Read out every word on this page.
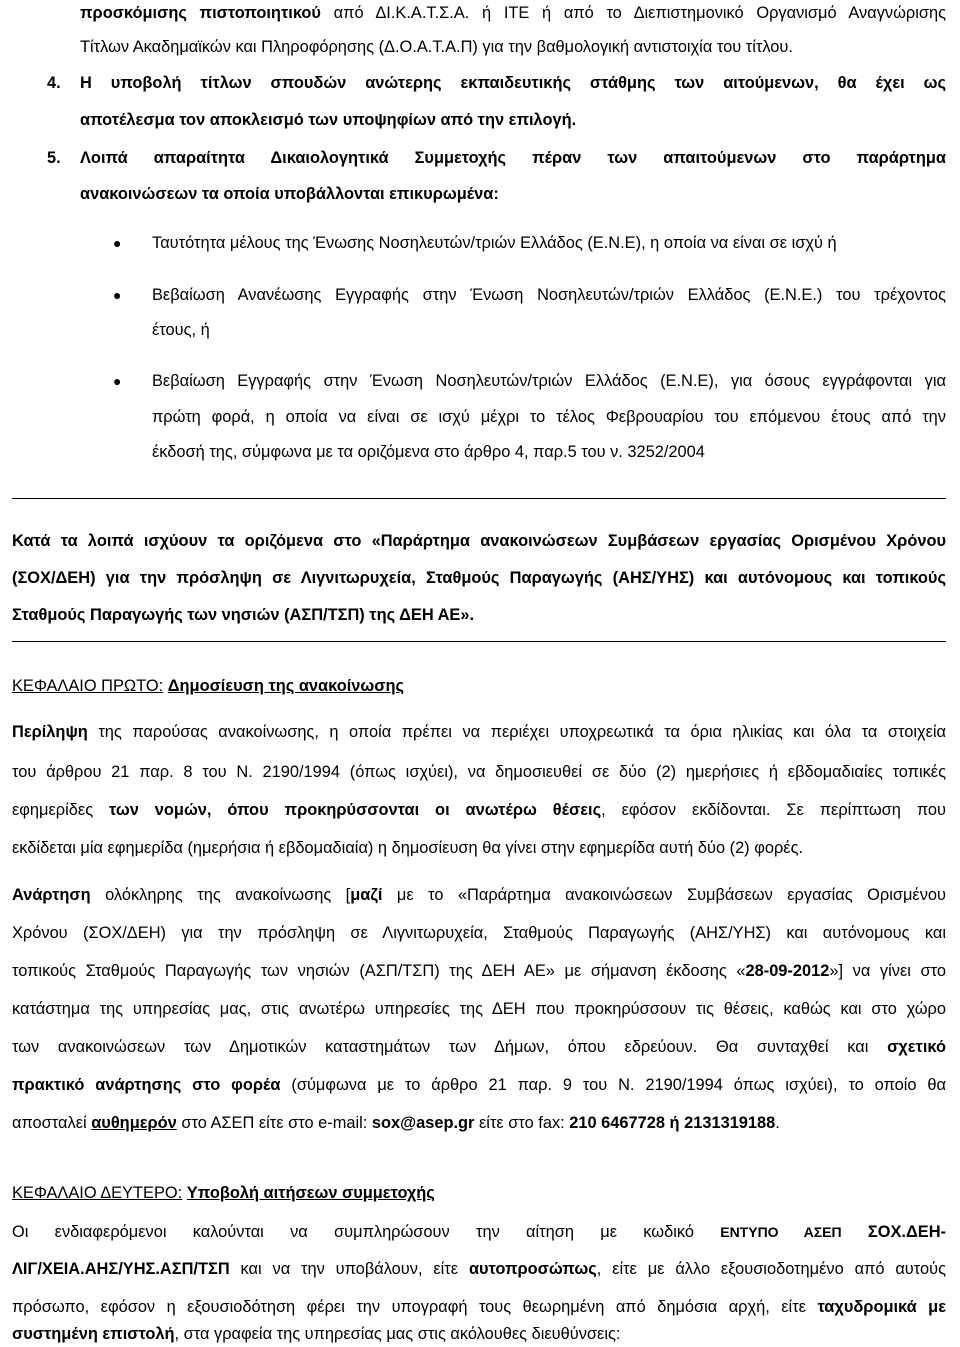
προσκόμισης πιστοποιητικού από ΔΙ.Κ.Α.Τ.Σ.Α. ή ΙΤΕ ή από το Διεπιστημονικό Οργανισμό Αναγνώρισης
Τίτλων Ακαδημαϊκών και Πληροφόρησης (Δ.Ο.Α.Τ.Α.Π) για την βαθμολογική αντιστοιχία του τίτλου.
4. Η υποβολή τίτλων σπουδών ανώτερης εκπαιδευτικής στάθμης των αιτούμενων, θα έχει ως
αποτέλεσμα τον αποκλεισμό των υποψηφίων από την επιλογή.
5. Λοιπά απαραίτητα Δικαιολογητικά Συμμετοχής πέραν των απαιτούμενων στο παράρτημα
ανακοινώσεων τα οποία υποβάλλονται επικυρωμένα:
● Ταυτότητα μέλους της Ένωσης Νοσηλευτών/τριών Ελλάδος (Ε.Ν.Ε), η οποία να είναι σε ισχύ ή
● Βεβαίωση Ανανέωσης Εγγραφής στην Ένωση Νοσηλευτών/τριών Ελλάδος (Ε.Ν.Ε.) του τρέχοντος
έτους, ή
● Βεβαίωση Εγγραφής στην Ένωση Νοσηλευτών/τριών Ελλάδος (Ε.Ν.Ε), για όσους εγγράφονται για
πρώτη φορά, η οποία να είναι σε ισχύ μέχρι το τέλος Φεβρουαρίου του επόμενου έτους από την
έκδοσή της, σύμφωνα με τα οριζόμενα στο άρθρο 4, παρ.5 του ν. 3252/2004
Κατά τα λοιπά ισχύουν τα οριζόμενα στο «Παράρτημα ανακοινώσεων Συμβάσεων εργασίας Ορισμένου Χρόνου
(ΣΟΧ/ΔΕΗ) για την πρόσληψη σε Λιγνιτωρυχεία, Σταθμούς Παραγωγής (ΑΗΣ/ΥΗΣ) και αυτόνομους και τοπικούς
Σταθμούς Παραγωγής των νησιών (ΑΣΠ/ΤΣΠ) της ΔΕΗ ΑΕ».
ΚΕΦΑΛΑΙΟ ΠΡΩΤΟ: Δημοσίευση της ανακοίνωσης
Περίληψη της παρούσας ανακοίνωσης, η οποία πρέπει να περιέχει υποχρεωτικά τα όρια ηλικίας και όλα τα στοιχεία
του άρθρου 21 παρ. 8 του Ν. 2190/1994 (όπως ισχύει), να δημοσιευθεί σε δύο (2) ημερήσιες ή εβδομαδιαίες τοπικές
εφημερίδες των νομών, όπου προκηρύσσονται οι ανωτέρω θέσεις, εφόσον εκδίδονται. Σε περίπτωση που
εκδίδεται μία εφημερίδα (ημερήσια ή εβδομαδιαία) η δημοσίευση θα γίνει στην εφημερίδα αυτή δύο (2) φορές.
Ανάρτηση ολόκληρης της ανακοίνωσης [μαζί με το «Παράρτημα ανακοινώσεων Συμβάσεων εργασίας Ορισμένου
Χρόνου (ΣΟΧ/ΔΕΗ) για την πρόσληψη σε Λιγνιτωρυχεία, Σταθμούς Παραγωγής (ΑΗΣ/ΥΗΣ) και αυτόνομους και
τοπικούς Σταθμούς Παραγωγής των νησιών (ΑΣΠ/ΤΣΠ) της ΔΕΗ ΑΕ» με σήμανση έκδοσης «28-09-2012»] να γίνει στο
κατάστημα της υπηρεσίας μας, στις ανωτέρω υπηρεσίες της ΔΕΗ που προκηρύσσουν τις θέσεις, καθώς και στο χώρο
των ανακοινώσεων των Δημοτικών καταστημάτων των Δήμων, όπου εδρεύουν. Θα συνταχθεί και σχετικό
πρακτικό ανάρτησης στο φορέα (σύμφωνα με το άρθρο 21 παρ. 9 του Ν. 2190/1994 όπως ισχύει), το οποίο θα
αποσταλεί αυθημερόν στο ΑΣΕΠ είτε στο e-mail: sox@asep.gr είτε στο fax: 210 6467728 ή 2131319188.
ΚΕΦΑΛΑΙΟ ΔΕΥΤΕΡΟ: Υποβολή αιτήσεων συμμετοχής
Οι ενδιαφερόμενοι καλούνται να συμπληρώσουν την αίτηση με κωδικό ΕΝΤΥΠΟ ΑΣΕΠ ΣΟΧ.ΔΕΗ-
ΛΙΓ/ΧΕΙΑ.ΑΗΣ/ΥΗΣ.ΑΣΠ/ΤΣΠ και να την υποβάλουν, είτε αυτοπροσώπως, είτε με άλλο εξουσιοδοτημένο από αυτούς
πρόσωπο, εφόσον η εξουσιοδότηση φέρει την υπογραφή τους θεωρημένη από δημόσια αρχή, είτε ταχυδρομικά με
συστημένη επιστολή, στα γραφεία της υπηρεσίας μας στις ακόλουθες διευθύνσεις:
